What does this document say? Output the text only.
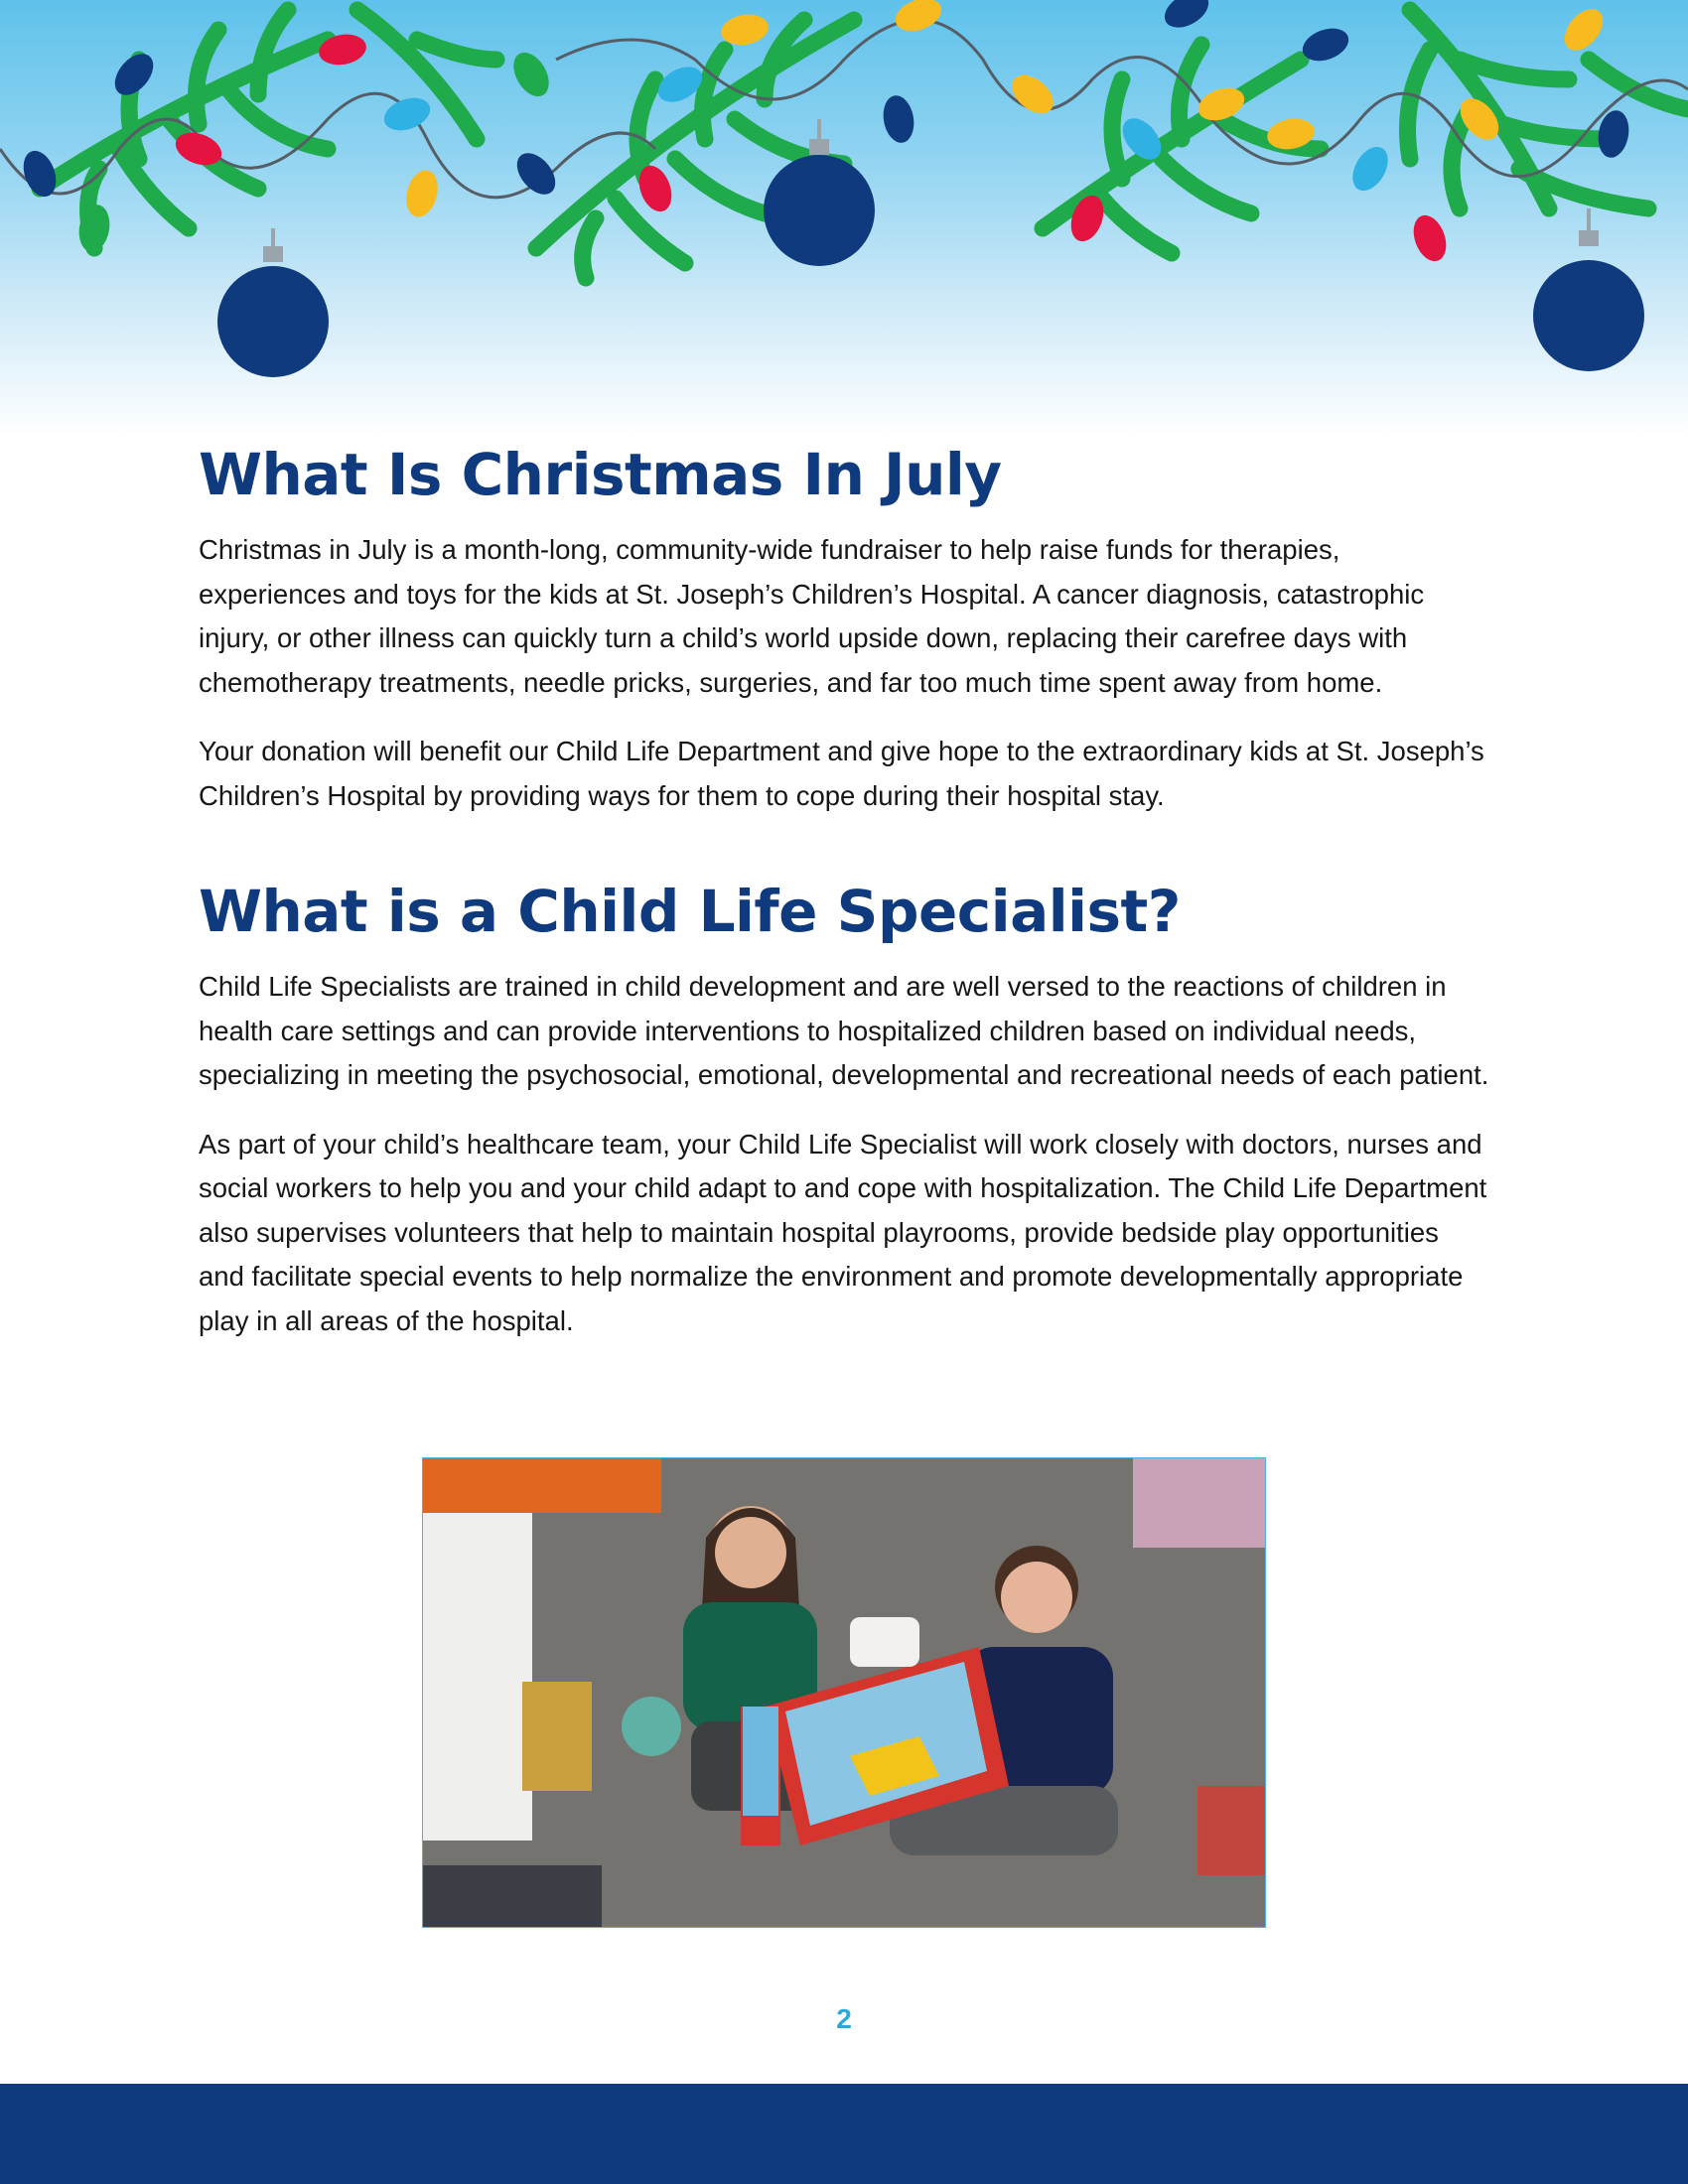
What Is Christmas In July

Christmas in July is a month-long, community-wide fundraiser to help raise funds for therapies, experiences and toys for the kids at St. Joseph’s Children’s Hospital. A cancer diagnosis, catastrophic injury, or other illness can quickly turn a child’s world upside down, replacing their carefree days with chemotherapy treatments, needle pricks, surgeries, and far too much time spent away from home.

Your donation will benefit our Child Life Department and give hope to the extraordinary kids at St. Joseph’s Children’s Hospital by providing ways for them to cope during their hospital stay.

What is a Child Life Specialist?

Child Life Specialists are trained in child development and are well versed to the reactions of children in health care settings and can provide interventions to hospitalized children based on individual needs, specializing in meeting the psychosocial, emotional, developmental and recreational needs of each patient.

As part of your child’s healthcare team, your Child Life Specialist will work closely with doctors, nurses and social workers to help you and your child adapt to and cope with hospitalization. The Child Life Department also supervises volunteers that help to maintain hospital playrooms, provide bedside play opportunities and facilitate special events to help normalize the environment and promote developmentally appropriate play in all areas of the hospital.

2
